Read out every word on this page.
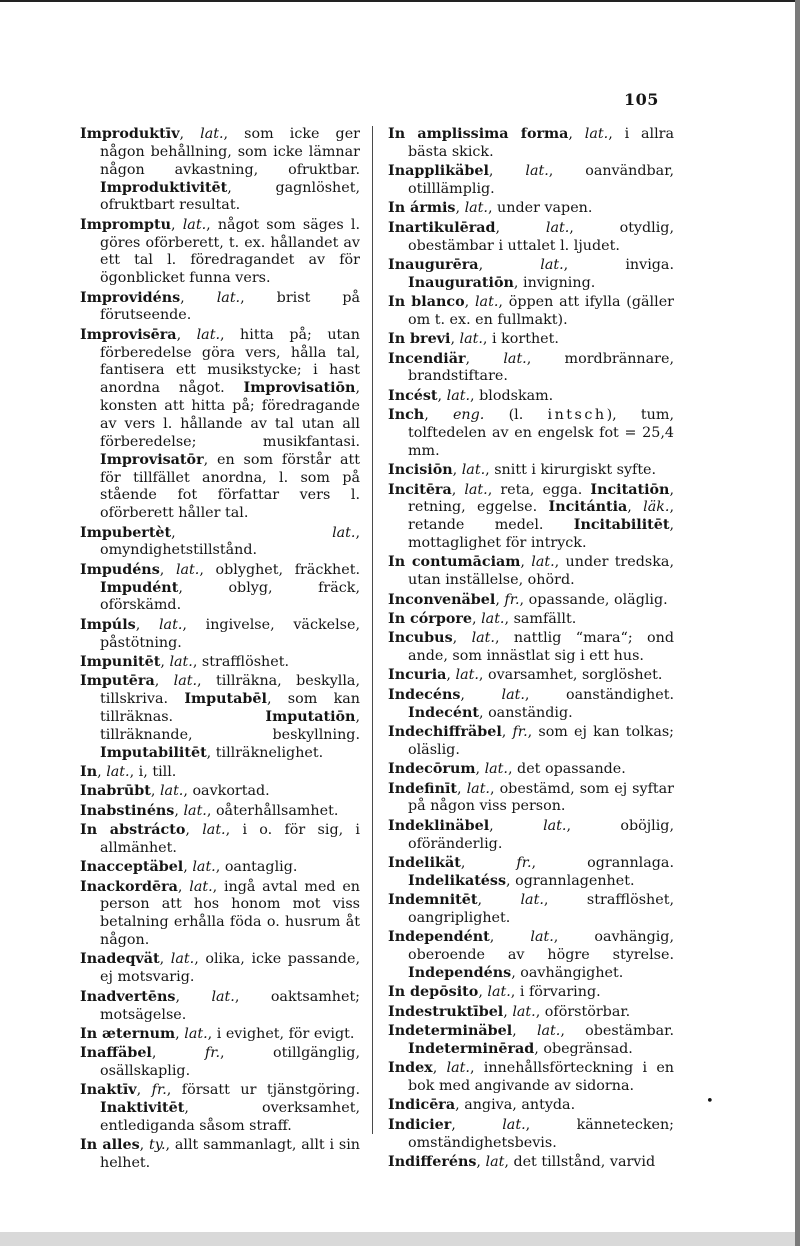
105

Improduktīv, lat., som icke ger någon behållning, som icke lämnar någon avkastning, ofruktbar. Improduktivitēt, gagnlöshet, ofruktbart resultat.

Impromptu, lat., något som säges l. göres oförberett, t. ex. hållandet av ett tal l. föredragandet av för ögonblicket funna vers.

Improvidéns, lat., brist på förutseende.

Improvisēra, lat., hitta på; utan förberedelse göra vers, hålla tal, fantisera ett musikstycke; i hast anordna något. Improvisatiōn, konsten att hitta på; föredragande av vers l. hållande av tal utan all förberedelse; musikfantasi. Improvisatōr, en som förstår att för tillfället anordna, l. som på stående fot författar vers l. oförberett håller tal.

Impubertèt, lat., omyndighetstillstånd.

Impudéns, lat., oblyghet, fräckhet. Impudént, oblyg, fräck, oförskämd.

Impúls, lat., ingivelse, väckelse, påstötning.

Impunitēt, lat., strafflöshet.

Imputēra, lat., tillräkna, beskylla, tillskriva. Imputabēl, som kan tillräknas. Imputatiōn, tillräknande, beskyllning. Imputabilitēt, tillräknelighet.

In, lat., i, till.

Inabrūbt, lat., oavkortad.

Inabstinéns, lat., oåterhållsamhet.

In abstrácto, lat., i o. för sig, i allmänhet.

Inacceptäbel, lat., oantaglig.

Inackordēra, lat., ingå avtal med en person att hos honom mot viss betalning erhålla föda o. husrum åt någon.

Inadeqvät, lat., olika, icke passande, ej motsvarig.

Inadvertēns, lat., oaktsamhet; motsägelse.

In æternum, lat., i evighet, för evigt.

Inaffäbel, fr., otillgänglig, osällskaplig.

Inaktīv, fr., försatt ur tjänstgöring. Inaktivitēt, overksamhet, entlediganda såsom straff.

In alles, ty., allt sammanlagt, allt i sin helhet.

In amplissima forma, lat., i allra bästa skick.

Inapplikäbel, lat., oanvändbar, otilllämplig.

In ármis, lat., under vapen.

Inartikulērad, lat., otydlig, obestämbar i uttalet l. ljudet.

Inaugurēra, lat., inviga. Inauguratiōn, invigning.

In blanco, lat., öppen att ifylla (gäller om t. ex. en fullmakt).

In brevi, lat., i korthet.

Incendiär, lat., mordbrännare, brandstiftare.

Incést, lat., blodskam.

Inch, eng. (l. intsch), tum, tolftedelen av en engelsk fot = 25,4 mm.

Incisiōn, lat., snitt i kirurgiskt syfte.

Incitēra, lat., reta, egga. Incitatiōn, retning, eggelse. Incitántia, läk., retande medel. Incitabilitēt, mottaglighet för intryck.

In contumāciam, lat., under tredska, utan inställelse, ohörd.

Inconvenäbel, fr., opassande, oläglig.

In córpore, lat., samfällt.

Incubus, lat., nattlig “mara“; ond ande, som innästlat sig i ett hus.

Incuria, lat., ovarsamhet, sorglöshet.

Indecéns, lat., oanständighet. Indecént, oanständig.

Indechiffräbel, fr., som ej kan tolkas; oläslig.

Indecōrum, lat., det opassande.

Indefinīt, lat., obestämd, som ej syftar på någon viss person.

Indeklinäbel, lat., oböjlig, oföränderlig.

Indelikät, fr., ogrannlaga. Indelikatéss, ogrannlagenhet.

Indemnitēt, lat., strafflöshet, oangriplighet.

Independént, lat., oavhängig, oberoende av högre styrelse. Independéns, oavhängighet.

In depōsito, lat., i förvaring.

Indestruktībel, lat., oförstörbar.

Indeterminäbel, lat., obestämbar. Indeterminērad, obegränsad.

Index, lat., innehållsförteckning i en bok med angivande av sidorna.

Indicēra, angiva, antyda.

Indicier, lat., kännetecken; omständighetsbevis.

Indifferéns, lat, det tillstånd, varvid

•
